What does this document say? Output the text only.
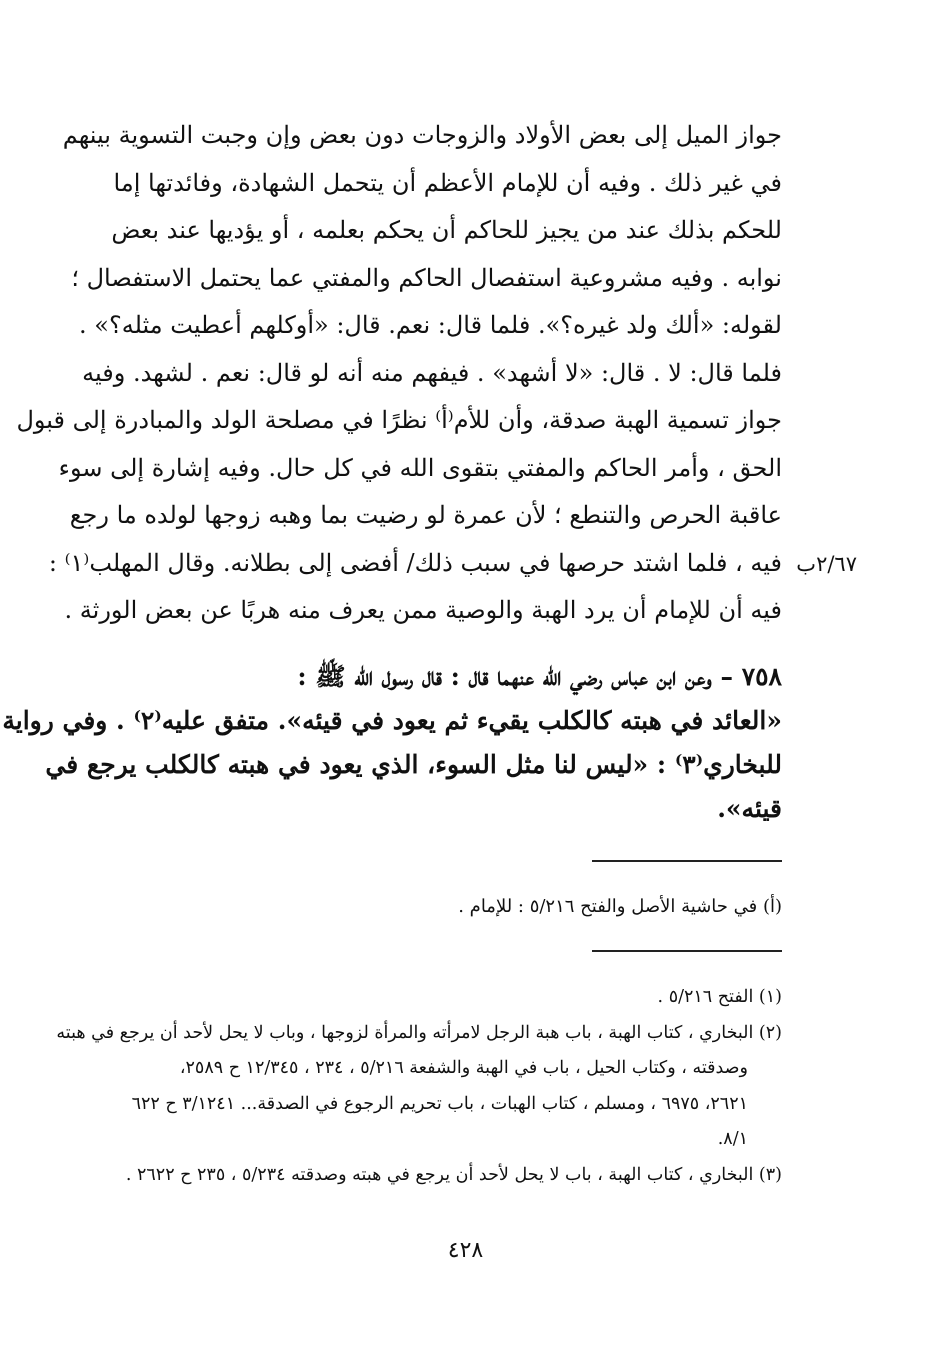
جواز الميل إلى بعض الأولاد والزوجات دون بعض وإن وجبت التسوية بينهم
في غير ذلك . وفيه أن للإمام الأعظم أن يتحمل الشهادة، وفائدتها إما
للحكم بذلك عند من يجيز للحاكم أن يحكم بعلمه ، أو يؤديها عند بعض
نوابه . وفيه مشروعية استفصال الحاكم والمفتي عما يحتمل الاستفصال ؛
لقوله: «ألك ولد غيره؟». فلما قال: نعم. قال: «أوكلهم أعطيت مثله؟» .
فلما قال: لا . قال: «لا أشهد» . فيفهم منه أنه لو قال: نعم . لشهد. وفيه
جواز تسمية الهبة صدقة، وأن للأم⁽أ⁾ نظرًا في مصلحة الولد والمبادرة إلى قبول
الحق ، وأمر الحاكم والمفتي بتقوى الله في كل حال. وفيه إشارة إلى سوء
عاقبة الحرص والتنطع ؛ لأن عمرة لو رضيت بما وهبه زوجها لولده ما رجع
فيه ، فلما اشتد حرصها في سبب ذلك/ أفضى إلى بطلانه. وقال المهلب⁽١⁾ :
فيه أن للإمام أن يرد الهبة والوصية ممن يعرف منه هربًا عن بعض الورثة .
٢/٦٧ب
٧٥٨ – وعن ابن عباس رضي الله عنهما قال : قال رسول الله ﷺ :
«العائد في هبته كالكلب يقيء ثم يعود في قيئه». متفق عليه⁽٢⁾ . وفي رواية
للبخاري⁽٣⁾ : «ليس لنا مثل السوء، الذي يعود في هبته كالكلب يرجع في
قيئه».
(أ) في حاشية الأصل والفتح ٥/٢١٦ : للإمام .
(١) الفتح ٥/٢١٦ .
(٢) البخاري ، كتاب الهبة ، باب هبة الرجل لامرأته والمرأة لزوجها ، وباب لا يحل لأحد أن يرجع في هبته
وصدقته ، وكتاب الحيل ، باب في الهبة والشفعة ٥/٢١٦ ، ٢٣٤ ، ١٢/٣٤٥ ح ٢٥٨٩،
٢٦٢١، ٦٩٧٥ ، ومسلم ، كتاب الهبات ، باب تحريم الرجوع في الصدقة... ٣/١٢٤١ ح ٦٢٢
٨/١.
(٣) البخاري ، كتاب الهبة ، باب لا يحل لأحد أن يرجع في هبته وصدقته ٥/٢٣٤ ، ٢٣٥ ح ٢٦٢٢ .
٤٢٨
